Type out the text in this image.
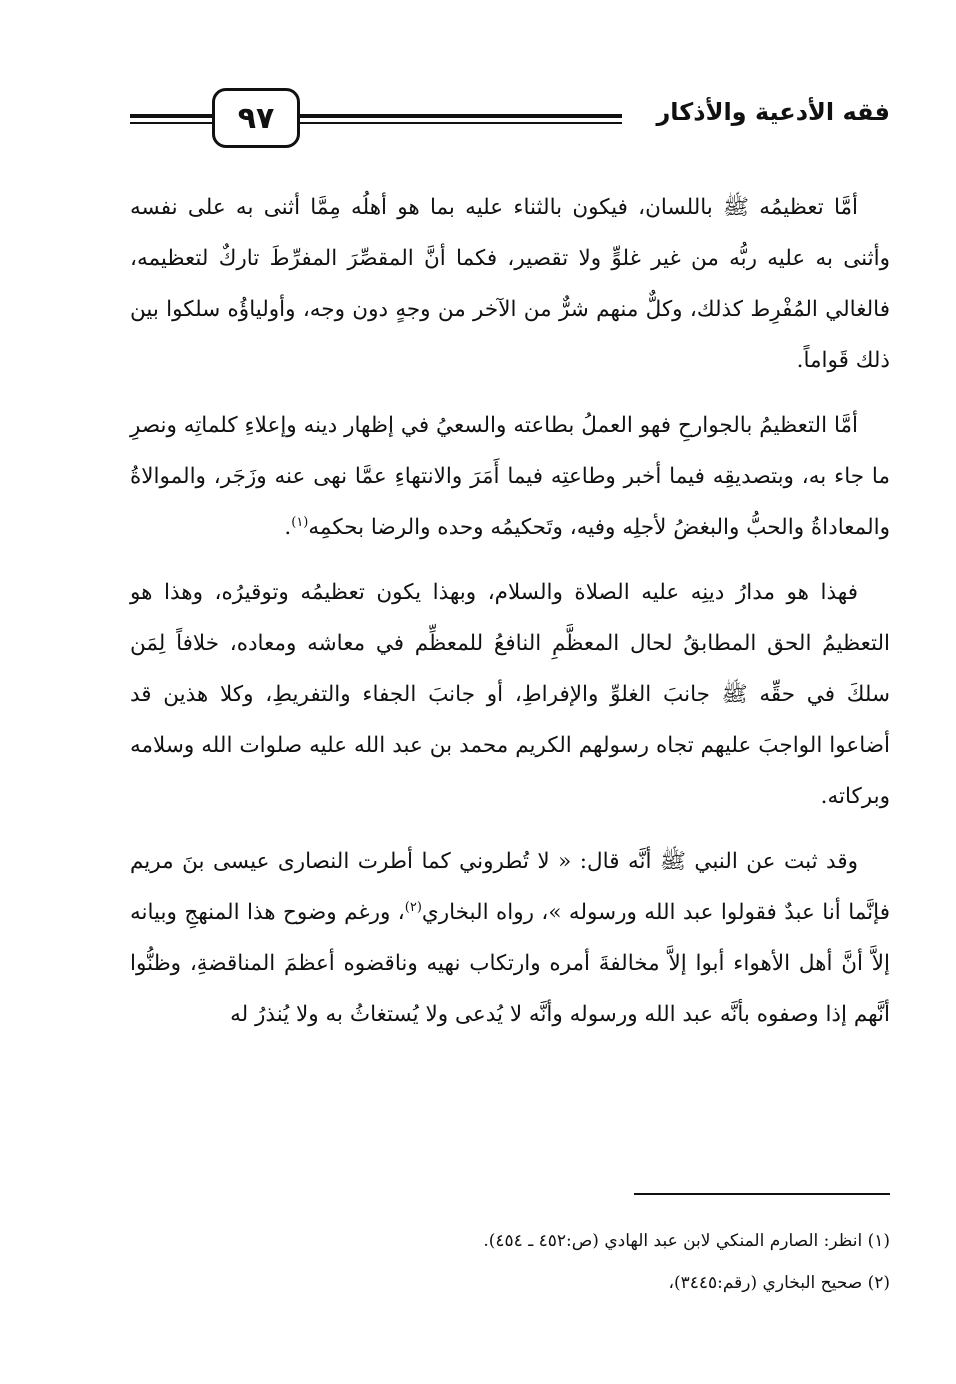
٩٧	فقه الأدعية والأذكار

أمَّا تعظيمُه ﷺ باللسان، فيكون بالثناء عليه بما هو أهلُه مِمَّا أثنى به على نفسه وأثنى به عليه ربُّه من غير غلوٍّ ولا تقصير، فكما أنَّ المقصِّرَ المفرِّطَ تاركٌ لتعظيمه، فالغالي المُفْرِط كذلك، وكلٌّ منهم شرٌّ من الآخر من وجهٍ دون وجه، وأولياؤُه سلكوا بين ذلك قَواماً.

أمَّا التعظيمُ بالجوارحِ فهو العملُ بطاعته والسعيُ في إظهار دينه وإعلاءِ كلماتِه ونصرِ ما جاء به، وبتصديقِه فيما أخبر وطاعتِه فيما أَمَرَ والانتهاءِ عمَّا نهى عنه وزَجَر، والموالاةُ والمعاداةُ والحبُّ والبغضُ لأجلِه وفيه، وتَحكيمُه وحده والرضا بحكمِه$^{(١)}$.

فهذا هو مدارُ دينِه عليه الصلاة والسلام، وبهذا يكون تعظيمُه وتوقيرُه، وهذا هو التعظيمُ الحق المطابقُ لحال المعظَّمِ النافعُ للمعظِّم في معاشه ومعاده، خلافاً لِمَن سلكَ في حقِّه ﷺ جانبَ الغلوِّ والإفراطِ، أو جانبَ الجفاء والتفريطِ، وكلا هذين قد أضاعوا الواجبَ عليهم تجاه رسولهم الكريم محمد بن عبد الله عليه صلوات الله وسلامه وبركاته.

وقد ثبت عن النبي ﷺ أنَّه قال: « لا تُطروني كما أطرت النصارى عيسى بنَ مريم فإنَّما أنا عبدٌ فقولوا عبد الله ورسوله »، رواه البخاري$^{(٢)}$، ورغم وضوح هذا المنهجِ وبيانه إلاَّ أنَّ أهل الأهواء أبوا إلاَّ مخالفةَ أمره وارتكاب نهيه وناقضوه أعظمَ المناقضةِ، وظنُّوا أنَّهم إذا وصفوه بأنَّه عبد الله ورسوله وأنَّه لا يُدعى ولا يُستغاثُ به ولا يُنذرُ له

(١) انظر: الصارم المنكي لابن عبد الهادي (ص:٤٥٢ ـ ٤٥٤).
(٢) صحيح البخاري (رقم:٣٤٤٥)،
